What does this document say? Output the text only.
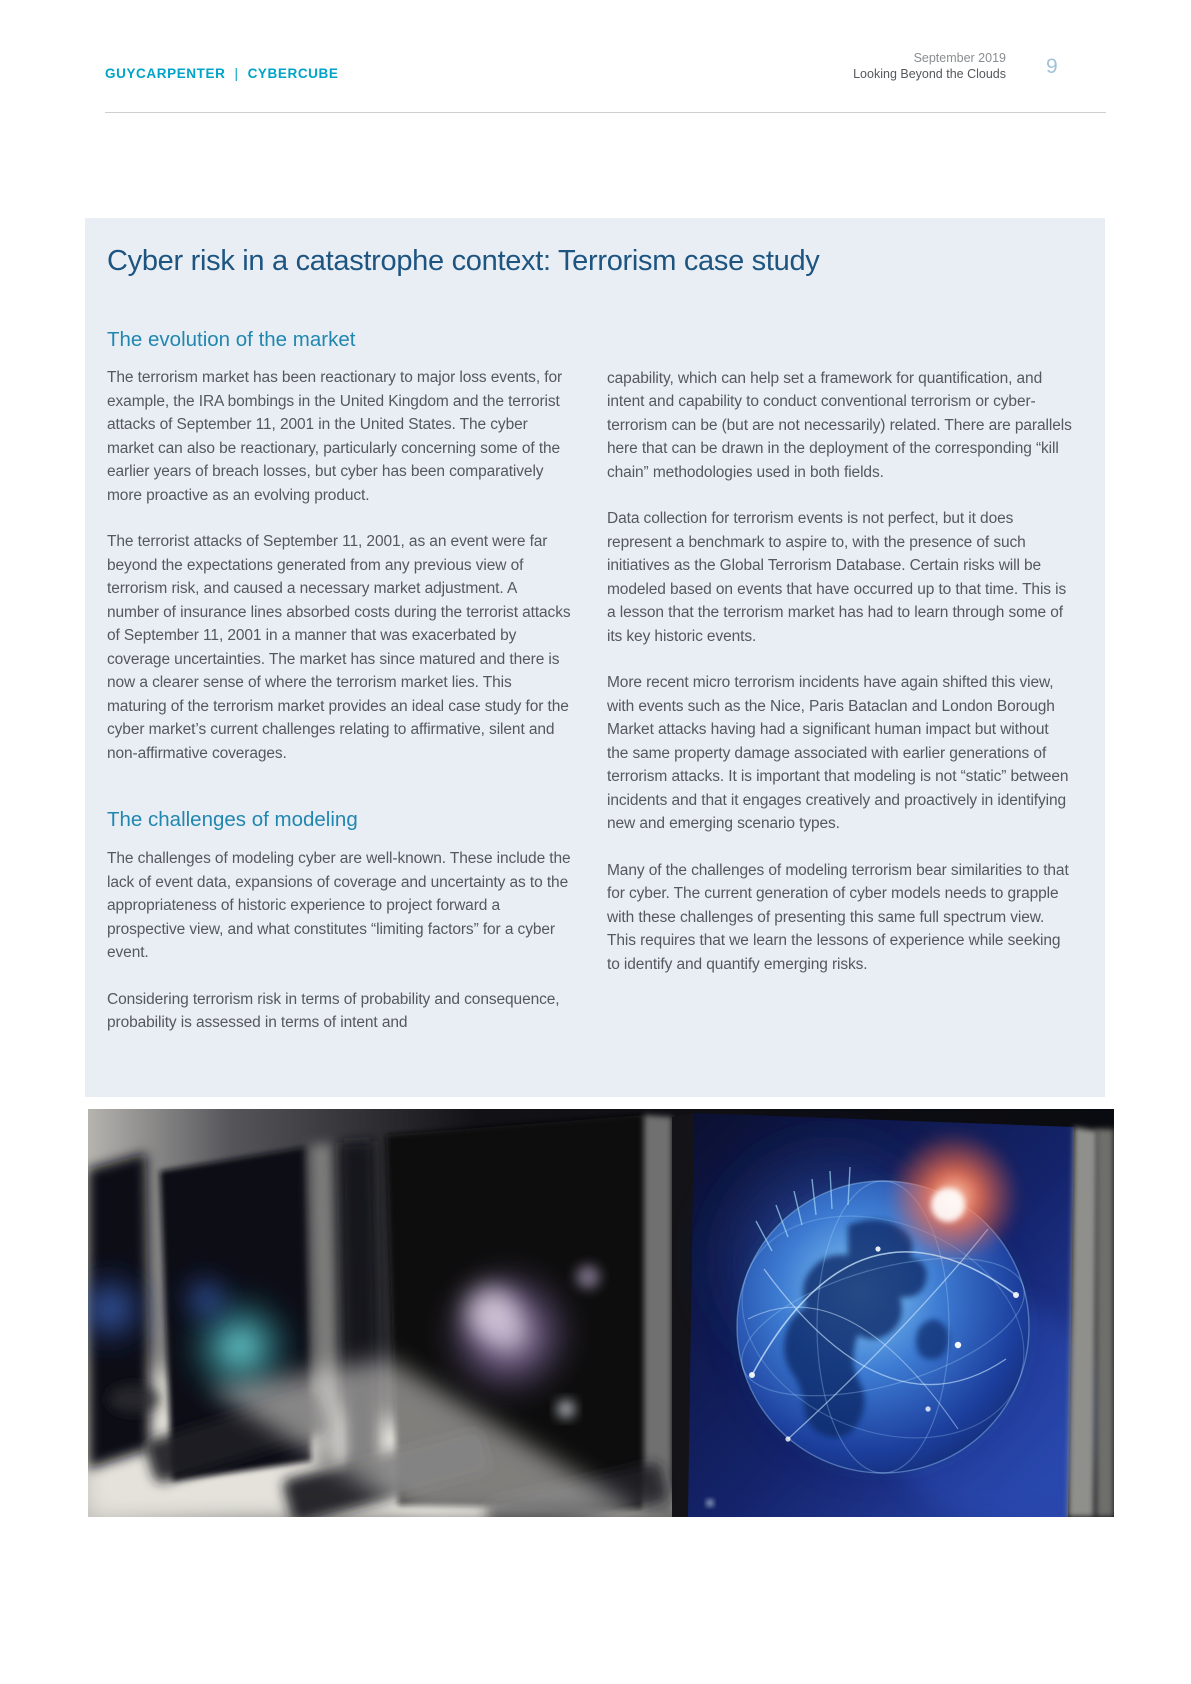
GUYCARPENTER | CYBERCUBE
September 2019
Looking Beyond the Clouds 9
Cyber risk in a catastrophe context: Terrorism case study
The evolution of the market

The terrorism market has been reactionary to major loss events, for example, the IRA bombings in the United Kingdom and the terrorist attacks of September 11, 2001 in the United States. The cyber market can also be reactionary, particularly concerning some of the earlier years of breach losses, but cyber has been comparatively more proactive as an evolving product.

The terrorist attacks of September 11, 2001, as an event were far beyond the expectations generated from any previous view of terrorism risk, and caused a necessary market adjustment. A number of insurance lines absorbed costs during the terrorist attacks of September 11, 2001 in a manner that was exacerbated by coverage uncertainties. The market has since matured and there is now a clearer sense of where the terrorism market lies. This maturing of the terrorism market provides an ideal case study for the cyber market’s current challenges relating to affirmative, silent and non-affirmative coverages.

The challenges of modeling

The challenges of modeling cyber are well-known. These include the lack of event data, expansions of coverage and uncertainty as to the appropriateness of historic experience to project forward a prospective view, and what constitutes “limiting factors” for a cyber event.

Considering terrorism risk in terms of probability and consequence, probability is assessed in terms of intent and

capability, which can help set a framework for quantification, and intent and capability to conduct conventional terrorism or cyber-terrorism can be (but are not necessarily) related. There are parallels here that can be drawn in the deployment of the corresponding “kill chain” methodologies used in both fields.

Data collection for terrorism events is not perfect, but it does represent a benchmark to aspire to, with the presence of such initiatives as the Global Terrorism Database. Certain risks will be modeled based on events that have occurred up to that time. This is a lesson that the terrorism market has had to learn through some of its key historic events.

More recent micro terrorism incidents have again shifted this view, with events such as the Nice, Paris Bataclan and London Borough Market attacks having had a significant human impact but without the same property damage associated with earlier generations of terrorism attacks. It is important that modeling is not “static” between incidents and that it engages creatively and proactively in identifying new and emerging scenario types.

Many of the challenges of modeling terrorism bear similarities to that for cyber. The current generation of cyber models needs to grapple with these challenges of presenting this same full spectrum view. This requires that we learn the lessons of experience while seeking to identify and quantify emerging risks.
